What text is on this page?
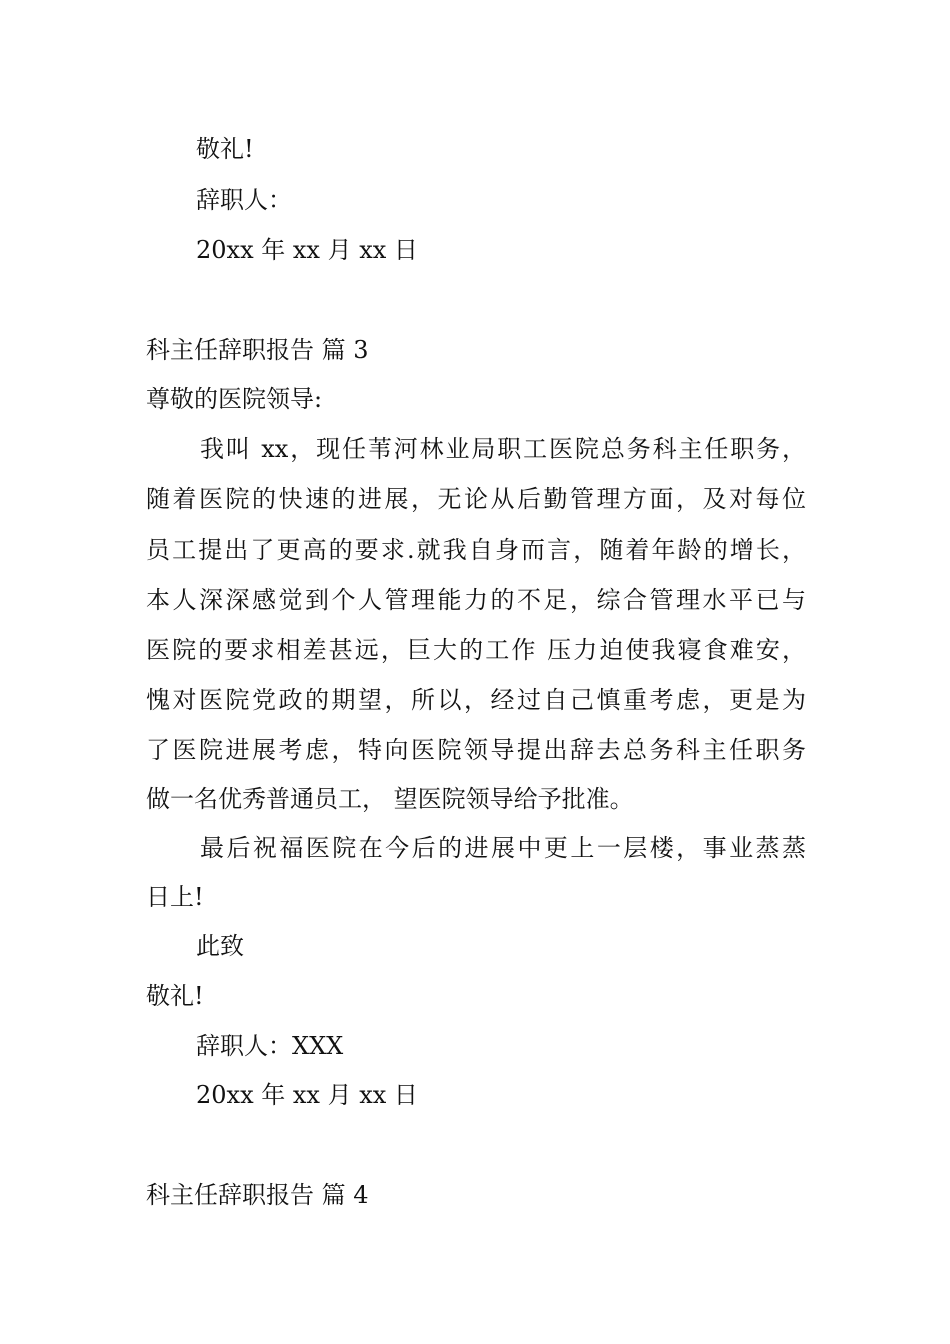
敬礼!
辞职人：
20xx 年 xx 月 xx 日
科主任辞职报告 篇 3
尊敬的医院领导:
我叫 xx，现任苇河林业局职工医院总务科主任职务，
随着医院的快速的进展，无论从后勤管理方面，及对每位
员工提出了更高的要求.就我自身而言，随着年龄的增长，
本人深深感觉到个人管理能力的不足，综合管理水平已与
医院的要求相差甚远，巨大的工作 压力迫使我寝食难安，
愧对医院党政的期望，所以，经过自己慎重考虑，更是为
了医院进展考虑，特向医院领导提出辞去总务科主任职务
做一名优秀普通员工， 望医院领导给予批准。
最后祝福医院在今后的进展中更上一层楼，事业蒸蒸
日上!
此致
敬礼!
辞职人：XXX
20xx 年 xx 月 xx 日
科主任辞职报告 篇 4
